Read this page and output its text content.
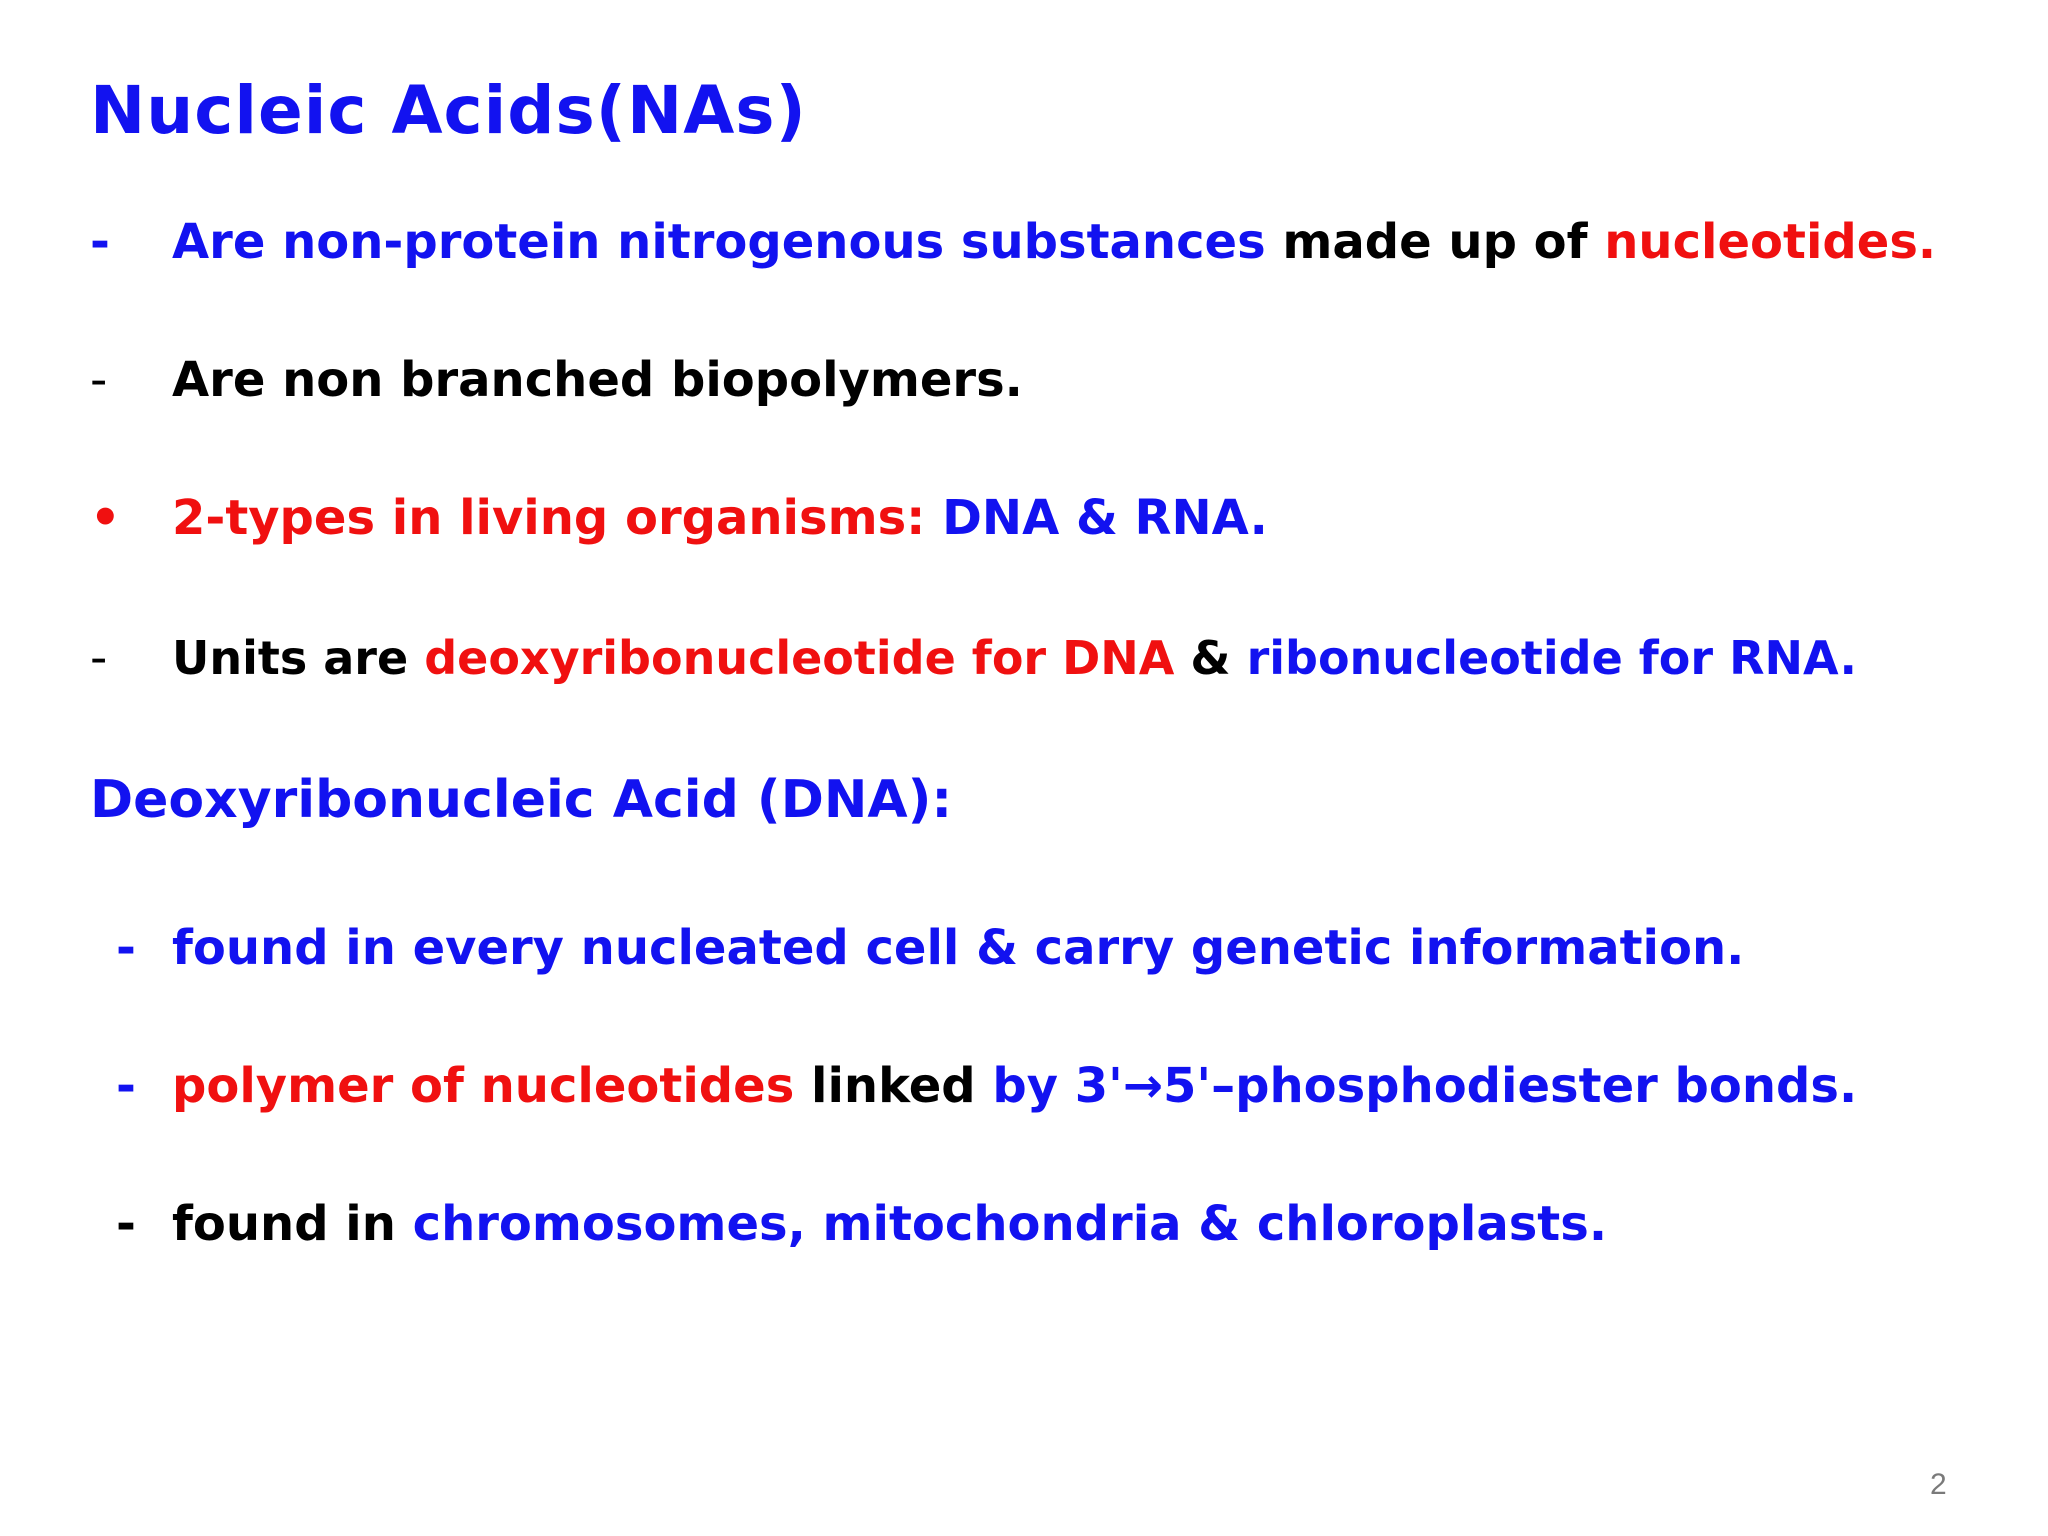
Nucleic Acids(NAs)
- Are non-protein nitrogenous substances made up of nucleotides.
- Are non branched biopolymers.
• 2-types in living organisms: DNA & RNA.
- Units are deoxyribonucleotide for DNA & ribonucleotide for RNA.
Deoxyribonucleic Acid (DNA):
- found in every nucleated cell & carry genetic information.
- polymer of nucleotides linked by 3'→5'–phosphodiester bonds.
- found in chromosomes, mitochondria & chloroplasts.
2
